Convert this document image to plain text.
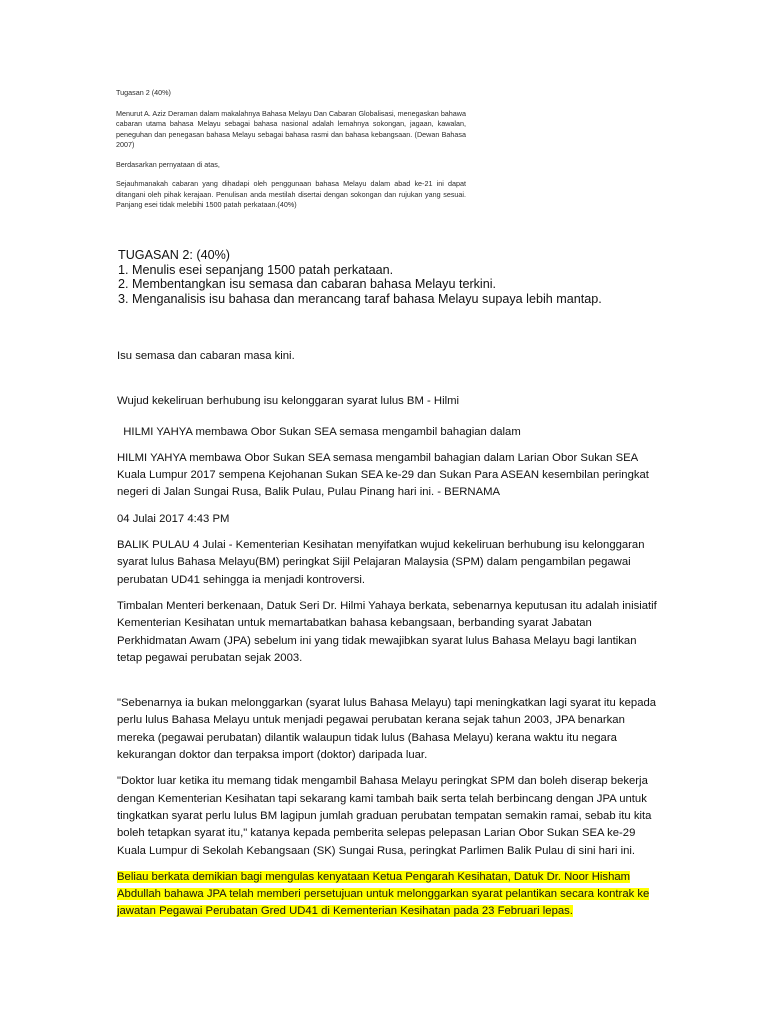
Tugasan 2 (40%)

Menurut A. Aziz Deraman dalam makalahnya Bahasa Melayu Dan Cabaran Globalisasi, menegaskan bahawa cabaran utama bahasa Melayu sebagai bahasa nasional adalah lemahnya sokongan, jagaan, kawalan, peneguhan dan penegasan bahasa Melayu sebagai bahasa rasmi dan bahasa kebangsaan. (Dewan Bahasa 2007)

Berdasarkan pernyataan di atas,

Sejauhmanakah cabaran yang dihadapi oleh penggunaan bahasa Melayu dalam abad ke-21 ini dapat ditangani oleh pihak kerajaan. Penulisan anda mestilah disertai dengan sokongan dan rujukan yang sesuai. Panjang esei tidak melebihi 1500 patah perkataan.(40%)

TUGASAN 2: (40%)
1. Menulis esei sepanjang 1500 patah perkataan.
2. Membentangkan isu semasa dan cabaran bahasa Melayu terkini.
3. Menganalisis isu bahasa dan merancang taraf bahasa Melayu supaya lebih mantap.

Isu semasa dan cabaran masa kini.

Wujud kekeliruan berhubung isu kelonggaran syarat lulus BM - Hilmi

HILMI YAHYA membawa Obor Sukan SEA semasa mengambil bahagian dalam

HILMI YAHYA membawa Obor Sukan SEA semasa mengambil bahagian dalam Larian Obor Sukan SEA Kuala Lumpur 2017 sempena Kejohanan Sukan SEA ke-29 dan Sukan Para ASEAN kesembilan peringkat negeri di Jalan Sungai Rusa, Balik Pulau, Pulau Pinang hari ini. - BERNAMA

04 Julai 2017 4:43 PM

BALIK PULAU 4 Julai - Kementerian Kesihatan menyifatkan wujud kekeliruan berhubung isu kelonggaran syarat lulus Bahasa Melayu(BM) peringkat Sijil Pelajaran Malaysia (SPM) dalam pengambilan pegawai perubatan UD41 sehingga ia menjadi kontroversi.

Timbalan Menteri berkenaan, Datuk Seri Dr. Hilmi Yahaya berkata, sebenarnya keputusan itu adalah inisiatif Kementerian Kesihatan untuk memartabatkan bahasa kebangsaan, berbanding syarat Jabatan Perkhidmatan Awam (JPA) sebelum ini yang tidak mewajibkan syarat lulus Bahasa Melayu bagi lantikan tetap pegawai perubatan sejak 2003.

"Sebenarnya ia bukan melonggarkan (syarat lulus Bahasa Melayu) tapi meningkatkan lagi syarat itu kepada perlu lulus Bahasa Melayu untuk menjadi pegawai perubatan kerana sejak tahun 2003, JPA benarkan mereka (pegawai perubatan) dilantik walaupun tidak lulus (Bahasa Melayu) kerana waktu itu negara kekurangan doktor dan terpaksa import (doktor) daripada luar.

"Doktor luar ketika itu memang tidak mengambil Bahasa Melayu peringkat SPM dan boleh diserap bekerja dengan Kementerian Kesihatan tapi sekarang kami tambah baik serta telah berbincang dengan JPA untuk tingkatkan syarat perlu lulus BM lagipun jumlah graduan perubatan tempatan semakin ramai, sebab itu kita boleh tetapkan syarat itu," katanya kepada pemberita selepas pelepasan Larian Obor Sukan SEA ke-29 Kuala Lumpur di Sekolah Kebangsaan (SK) Sungai Rusa, peringkat Parlimen Balik Pulau di sini hari ini.

Beliau berkata demikian bagi mengulas kenyataan Ketua Pengarah Kesihatan, Datuk Dr. Noor Hisham Abdullah bahawa JPA telah memberi persetujuan untuk melonggarkan syarat pelantikan secara kontrak ke jawatan Pegawai Perubatan Gred UD41 di Kementerian Kesihatan pada 23 Februari lepas.
